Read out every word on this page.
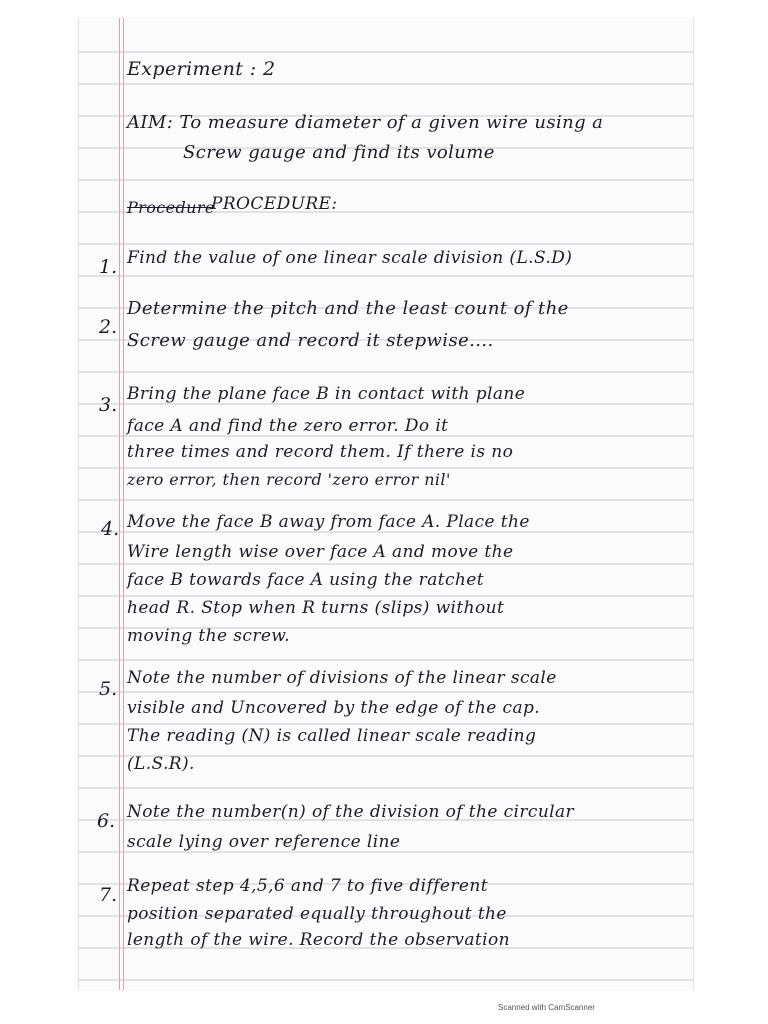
Experiment : 2
AIM: To measure diameter of a given wire using a
Screw gauge and find its volume
Procedure
PROCEDURE:
1. Find the value of one linear scale division (L.S.D)
2.
Determine the pitch and the least count of the
Screw gauge and record it stepwise....
3. Bring the plane face B in contact with plane
face A and find the zero error. Do it
three times and record them. If there is no
zero error, then record 'zero error nil'
4. Move the face B away from face A. Place the
Wire length wise over face A and move the
face B towards face A using the ratchet
head R. Stop when R turns (slips) without
moving the screw.
5. Note the number of divisions of the linear scale
visible and Uncovered by the edge of the cap.
The reading (N) is called linear scale reading
(L.S.R).
6. Note the number(n) of the division of the circular
scale lying over reference line
7. Repeat step 4,5,6 and 7 to five different
position separated equally throughout the
length of the wire. Record the observation
Scanned with CamScanner
